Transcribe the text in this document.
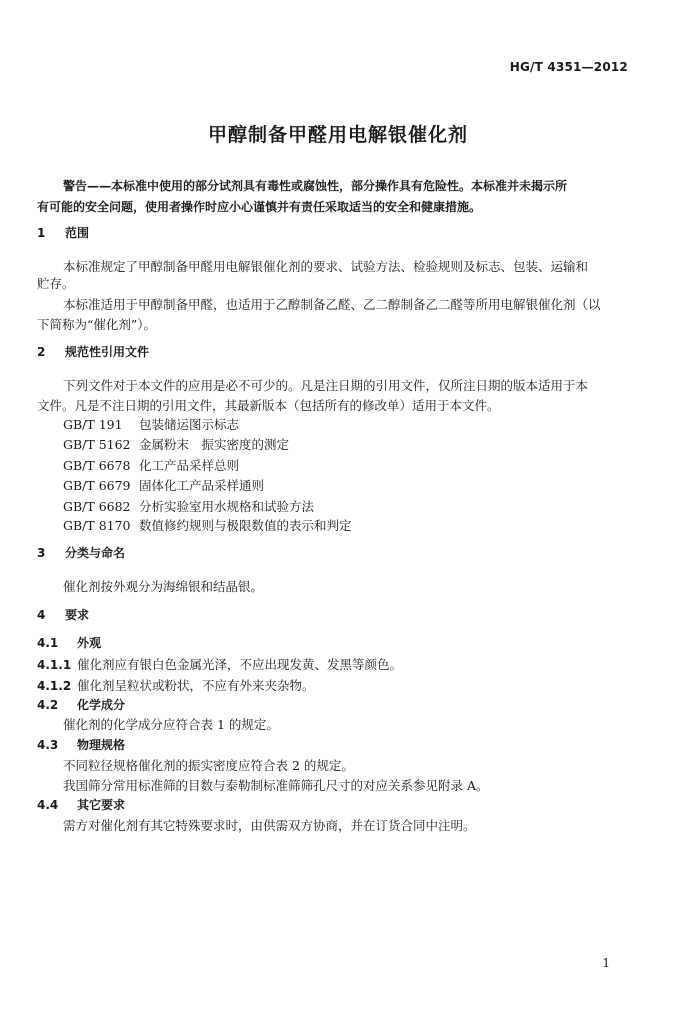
HG/T 4351—2012
甲醇制备甲醛用电解银催化剂
警告——本标准中使用的部分试剂具有毒性或腐蚀性，部分操作具有危险性。本标准并未揭示所
有可能的安全问题，使用者操作时应小心谨慎并有责任采取适当的安全和健康措施。
1 范围
本标准规定了甲醇制备甲醛用电解银催化剂的要求、试验方法、检验规则及标志、包装、运输和
贮存。
本标准适用于甲醇制备甲醛，也适用于乙醇制备乙醛、乙二醇制备乙二醛等所用电解银催化剂（以
下简称为“催化剂”）。
2 规范性引用文件
下列文件对于本文件的应用是必不可少的。凡是注日期的引用文件，仅所注日期的版本适用于本
文件。凡是不注日期的引用文件，其最新版本（包括所有的修改单）适用于本文件。
GB/T 191 包装储运图示标志
GB/T 5162 金属粉末　振实密度的测定
GB/T 6678 化工产品采样总则
GB/T 6679 固体化工产品采样通则
GB/T 6682 分析实验室用水规格和试验方法
GB/T 8170 数值修约规则与极限数值的表示和判定
3 分类与命名
催化剂按外观分为海绵银和结晶银。
4 要求
4.1 外观
4.1.1 催化剂应有银白色金属光泽，不应出现发黄、发黑等颜色。
4.1.2 催化剂呈粒状或粉状，不应有外来夹杂物。
4.2 化学成分
催化剂的化学成分应符合表 1 的规定。
4.3 物理规格
不同粒径规格催化剂的振实密度应符合表 2 的规定。
我国筛分常用标准筛的目数与泰勒制标准筛筛孔尺寸的对应关系参见附录 A。
4.4 其它要求
需方对催化剂有其它特殊要求时，由供需双方协商，并在订货合同中注明。
1
